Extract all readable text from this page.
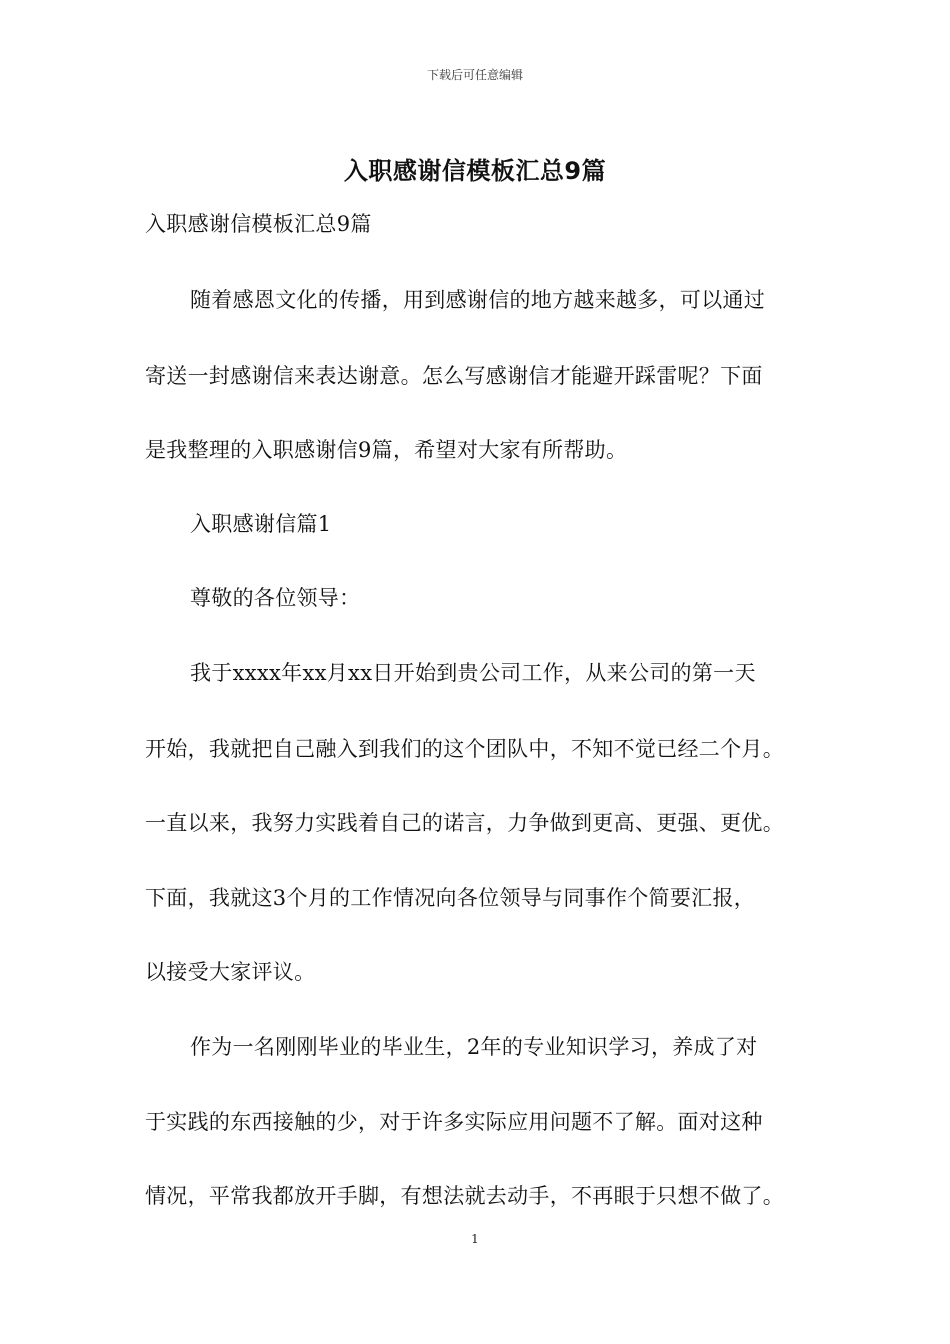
下载后可任意编辑
入职感谢信模板汇总9篇
入职感谢信模板汇总9篇
随着感恩文化的传播，用到感谢信的地方越来越多，可以通过
寄送一封感谢信来表达谢意。怎么写感谢信才能避开踩雷呢？下面
是我整理的入职感谢信9篇，希望对大家有所帮助。
入职感谢信篇1
尊敬的各位领导：
我于xxxx年xx月xx日开始到贵公司工作，从来公司的第一天
开始，我就把自己融入到我们的这个团队中，不知不觉已经二个月。
一直以来，我努力实践着自己的诺言，力争做到更高、更强、更优。
下面，我就这3个月的工作情况向各位领导与同事作个简要汇报，
以接受大家评议。
作为一名刚刚毕业的毕业生，2年的专业知识学习，养成了对
于实践的东西接触的少，对于许多实际应用问题不了解。面对这种
情况，平常我都放开手脚，有想法就去动手，不再眼于只想不做了。
1
